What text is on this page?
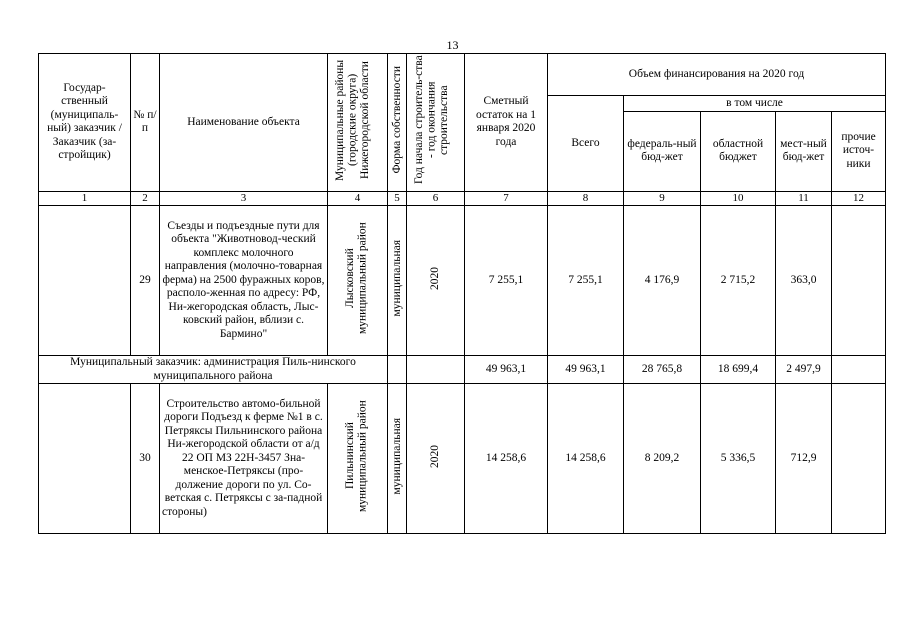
13
Государ-ственный (муниципаль-ный) заказчик /Заказчик (за-стройщик)	№ п/п	Наименование объекта	Муниципальные районы (городские округа) Нижегородской области	Форма собственности	Год начала строитель-ства - год окончания строительства	Сметный остаток на 1 января 2020 года	Объем финансирования на 2020 год				
							Всего	в том числе			
								федераль-ный бюд-жет	областной бюджет	мест-ный бюд-жет	прочие источ-ники
1	2	3	4	5	6	7	8	9	10	11	12
	29	Съезды и подъездные пути для объекта "Животновод-ческий комплекс молочного направления (молочно-товарная ферма) на 2500 фуражных коров, располо-женная по адресу: РФ, Ни-жегородская область, Лыс-ковский район, вблизи с. Бармино"	Лысковский муниципальный район	муниципальная	2020	7 255,1	7 255,1	4 176,9	2 715,2	363,0	
Муниципальный заказчик: администрация Пиль-нинского муниципального района						49 963,1	49 963,1	28 765,8	18 699,4	2 497,9	
	30	Строительство автомо-бильной дороги Подъезд к ферме №1 в с. Петряксы Пильнинского района Ни-жегородской области от а/д 22 ОП МЗ 22Н-3457 Зна-менское-Петряксы (про-должение дороги по ул. Со-ветская с. Петряксы с за-падной стороны)	Пильнинский муниципальный район	муниципальная	2020	14 258,6	14 258,6	8 209,2	5 336,5	712,9	
